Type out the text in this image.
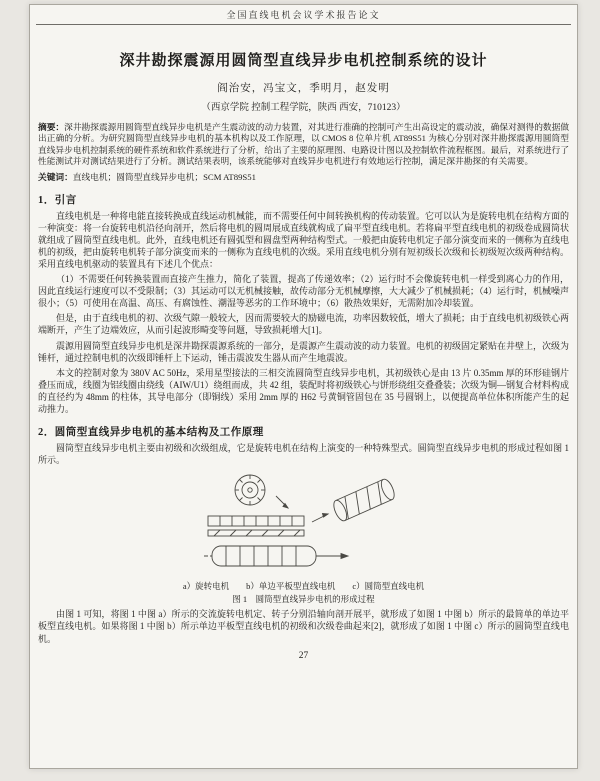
全国直线电机会议学术报告论文
深井勘探震源用圆筒型直线异步电机控制系统的设计
阎治安，冯宝文，季明月，赵发明
（西京学院 控制工程学院，陕西 西安，710123）

摘要：深井勘探震源用圆筒型直线异步电机是产生震动波的动力装置，对其进行准确的控制可产生出高设定的震动波，确保对测得的数据做出正确的分析。为研究圆筒型直线异步电机的基本机构以及工作原理，以 CMOS 8 位单片机 AT89S51 为核心分别对深井勘探震源用圆筒型直线异步电机控制系统的硬件系统和软件系统进行了分析，给出了主要的原理图、电路设计图以及控制软件流程框图。最后，对系统进行了性能测试并对测试结果进行了分析。测试结果表明，该系统能够对直线异步电机进行有效地运行控制，满足深井勘探的有关需要。

关键词：直线电机；圆筒型直线异步电机；SCM AT89S51

1．引言

直线电机是一种将电能直接转换成直线运动机械能，而不需要任何中间转换机构的传动装置。它可以认为是旋转电机在结构方面的一种演变：将一台旋转电机沿径向剖开，然后将电机的圆周展成直线就构成了扁平型直线电机。若将扁平型直线电机的初级卷成圆筒状就组成了圆筒型直线电机。此外，直线电机还有圆弧型和圆盘型两种结构型式。一般把由旋转电机定子部分演变而来的一侧称为直线电机的初级，把由旋转电机转子部分演变而来的一侧称为直线电机的次级。采用直线电机分别有短初级长次级和长初级短次级两种结构。采用直线电机驱动的装置具有下述几个优点：

（1）不需要任何转换装置而直接产生推力，简化了装置，提高了传递效率；（2）运行时不会像旋转电机一样受到离心力的作用，因此直线运行速度可以不受限制；（3）其运动可以无机械接触，故传动部分无机械摩擦，大大减少了机械损耗；（4）运行时，机械噪声很小；（5）可使用在高温、高压、有腐蚀性、潮湿等恶劣的工作环境中；（6）散热效果好，无需附加冷却装置。

但是，由于直线电机的初、次级气隙一般较大，因而需要较大的励磁电流，功率因数较低，增大了损耗；由于直线电机初级铁心两端断开，产生了边端效应，从而引起波形畸变等问题，导致损耗增大[1]。

震源用圆筒型直线异步电机是深井勘探震源系统的一部分，是震源产生震动波的动力装置。电机的初级固定紧贴在井壁上，次级为锤杆，通过控制电机的次级即锤杆上下运动，锤击震波发生器从而产生地震波。

本文的控制对象为 380V AC 50Hz，采用星型接法的三相交流圆筒型直线异步电机，其初级铁心是由 13 片 0.35mm 厚的环形硅钢片叠压而成，线圈为铝线圈由绕线（AIW/U1）绕组而成，共 42 组，装配时将初级铁心与饼形绕组交叠叠装；次级为铜—钢复合材料构成的直径约为 48mm 的柱体，其导电部分（即铜线）采用 2mm 厚的 H62 号黄铜管固包在 35 号圆钢上，以便提高单位体积所能产生的起动推力。

2．圆筒型直线异步电机的基本结构及工作原理

圆筒型直线异步电机主要由初级和次级组成，它是旋转电机在结构上演变的一种特殊型式。圆筒型直线异步电机的形成过程如图 1 所示。

a）旋转电机　　b）单边平板型直线电机　　c）圆筒型直线电机
图 1　圆筒型直线异步电机的形成过程

由图 1 可知，将图 1 中图 a）所示的交流旋转电机定、转子分别沿轴向剖开展平，就形成了如图 1 中图 b）所示的最简单的单边平板型直线电机。如果将图 1 中图 b）所示单边平板型直线电机的初级和次级卷曲起来[2]，就形成了如图 1 中图 c）所示的圆筒型直线电机。

27
